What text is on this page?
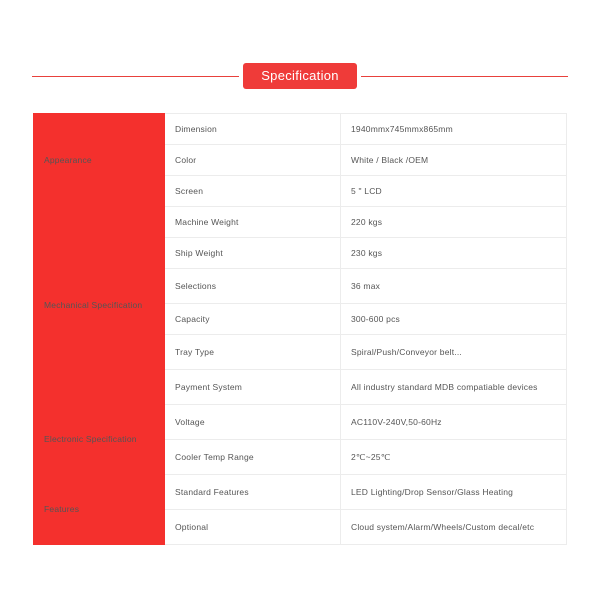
Specification
Appearance	Dimension	1940mmx745mmx865mm
	Color	White / Black /OEM
	Screen	5 " LCD
Mechanical Specification	Machine Weight	220 kgs
	Ship Weight	230 kgs
	Selections	36 max
	Capacity	300-600 pcs
	Tray Type	Spiral/Push/Conveyor belt...
	Payment System	All industry standard MDB compatiable devices
Electronic Specification	Voltage	AC110V-240V,50-60Hz
	Cooler Temp Range	2℃~25℃
Features	Standard Features	LED Lighting/Drop Sensor/Glass Heating
	Optional	Cloud system/Alarm/Wheels/Custom decal/etc
